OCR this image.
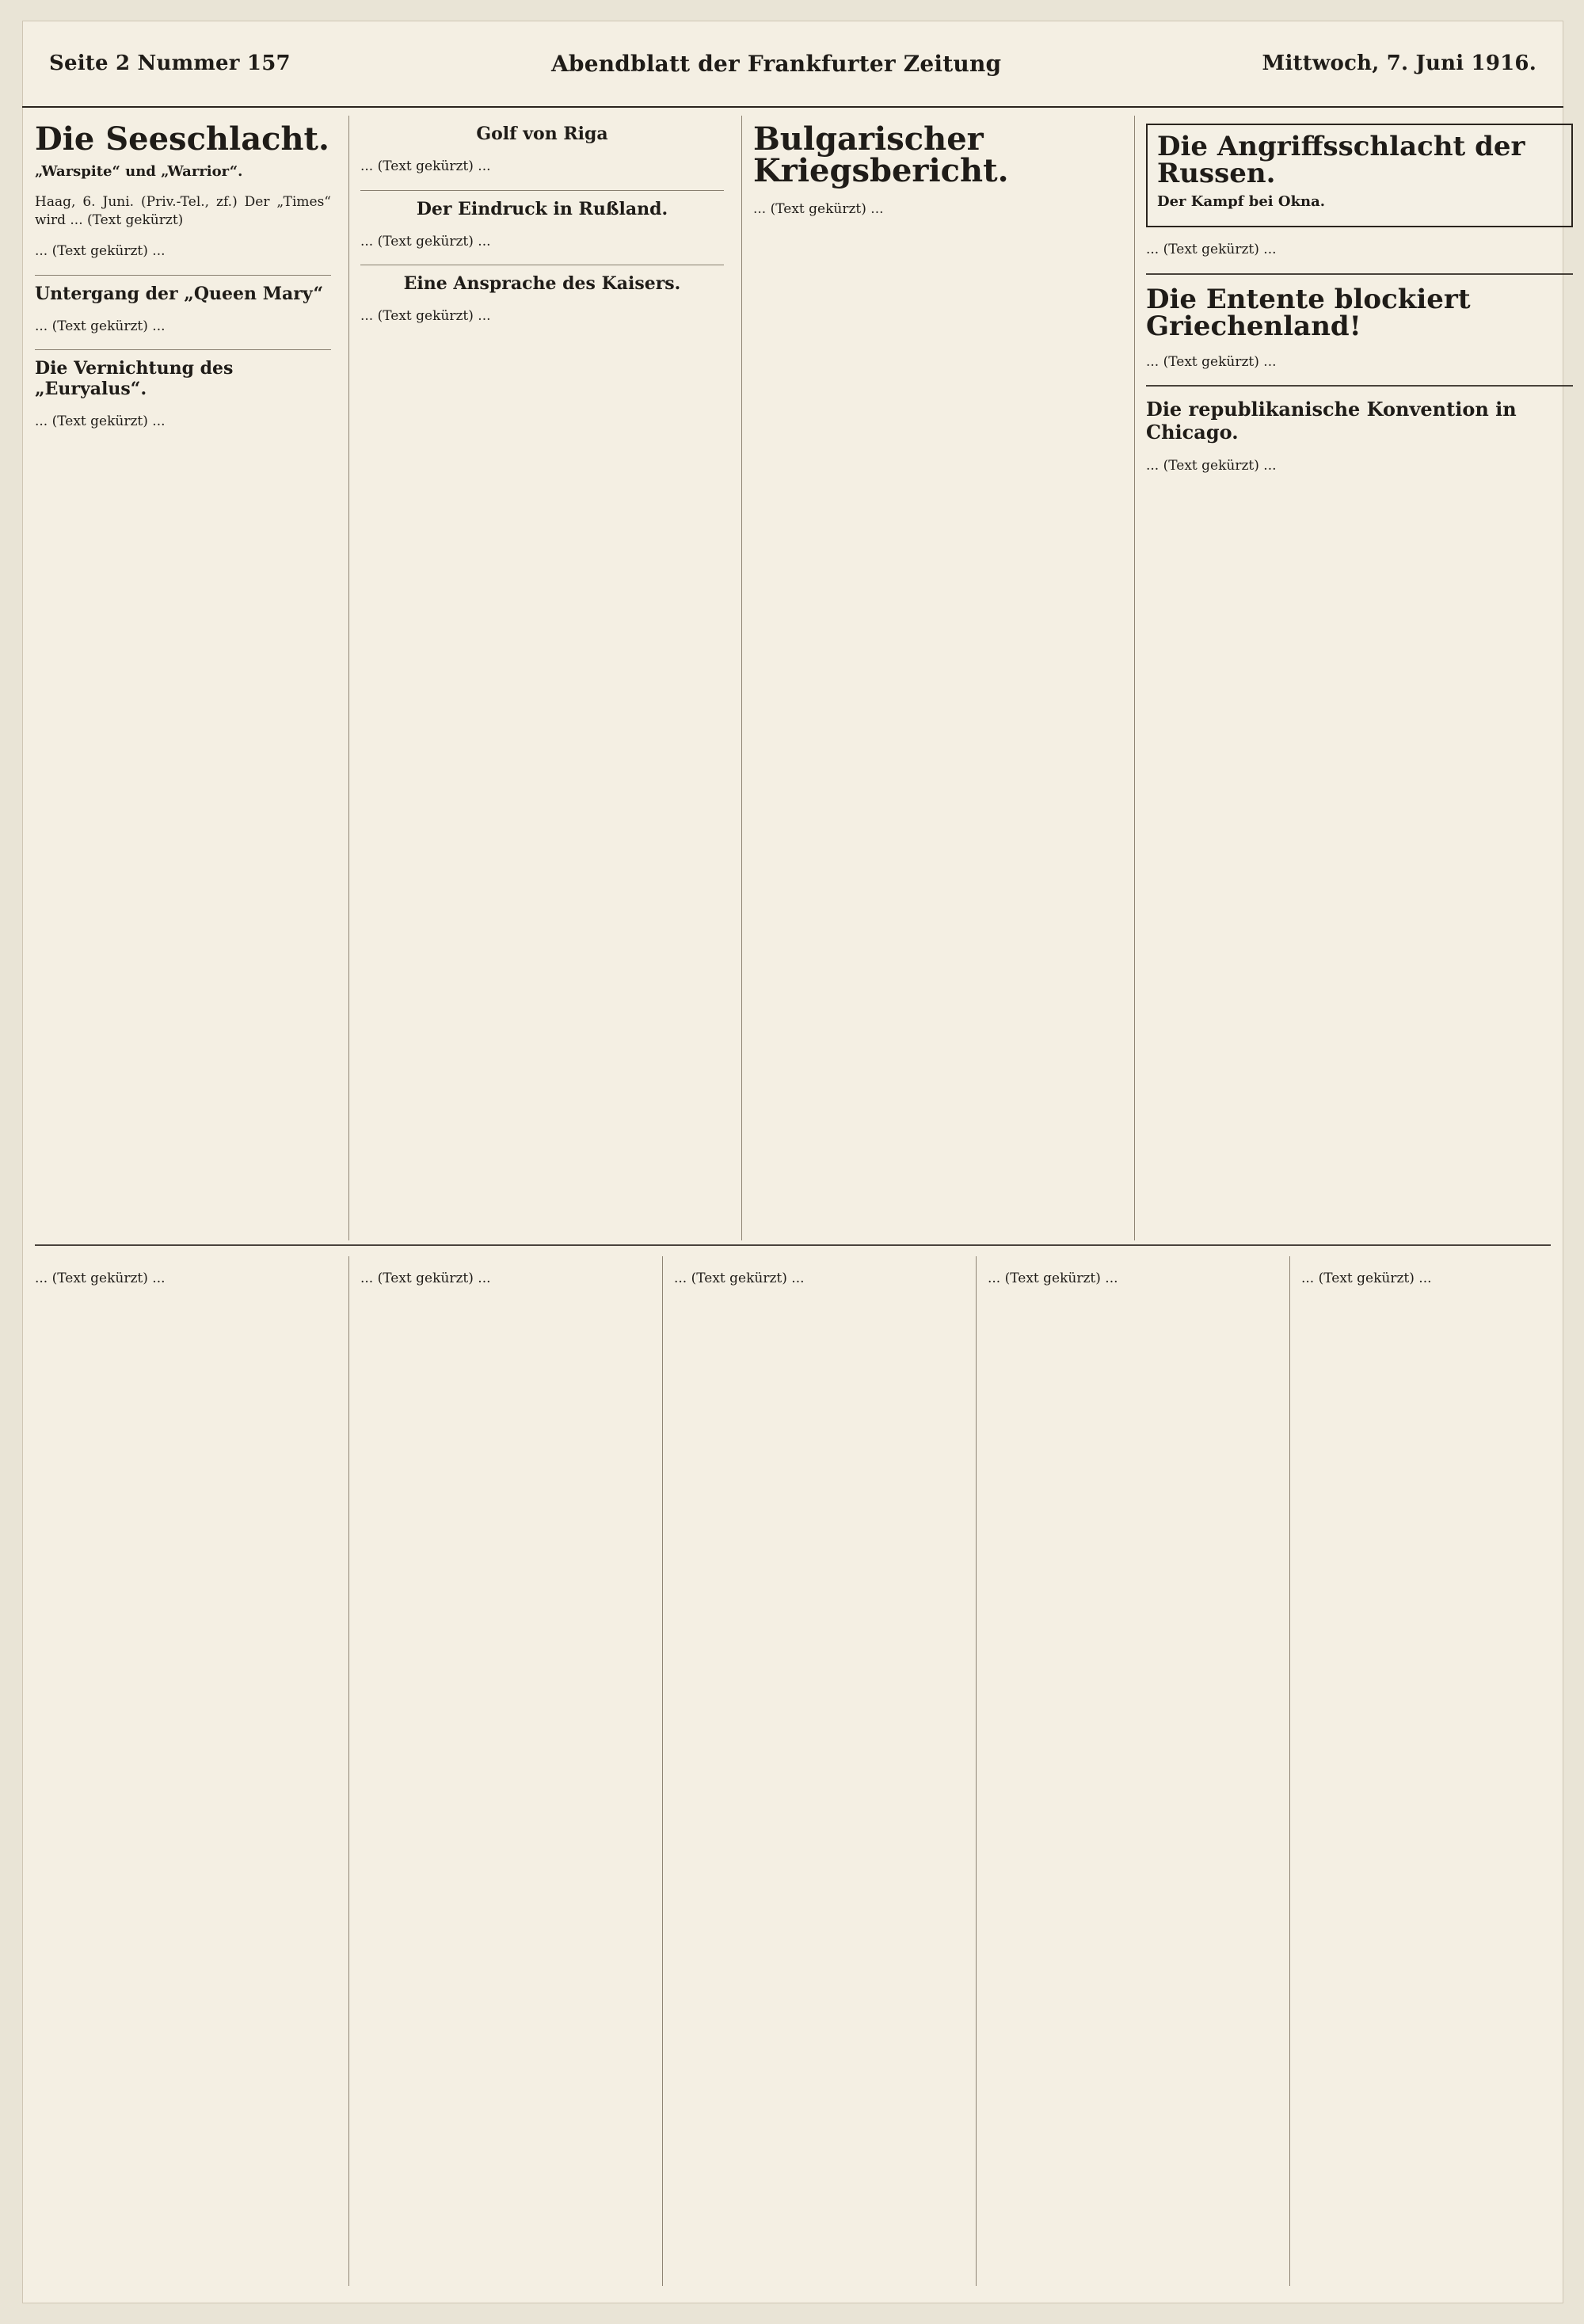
Seite 2 Nummer 157	Abendblatt der Frankfurter Zeitung	Mittwoch, 7. Juni 1916.
Die Seeschlacht.
„Warspite“ und „Warrior“.

Haag, 6. Juni. (Priv.-Tel., zf.) Der „Times“ wird ... (Text gekürzt)

... (Text gekürzt) ...

Untergang der „Queen Mary“

... (Text gekürzt) ...

Die Vernichtung des „Euryalus“.

... (Text gekürzt) ...

Golf von Riga

... (Text gekürzt) ...

Der Eindruck in Rußland.

... (Text gekürzt) ...

Eine Ansprache des Kaisers.

... (Text gekürzt) ...

Bulgarischer Kriegsbericht.

... (Text gekürzt) ...

Die Angriffsschlacht der Russen.
Der Kampf bei Okna.

... (Text gekürzt) ...

Die Entente blockiert Griechenland!

... (Text gekürzt) ...

Die republikanische Konvention in Chicago.

... (Text gekürzt) ...

... (Text gekürzt) ...	... (Text gekürzt) ...	... (Text gekürzt) ...	... (Text gekürzt) ...	... (Text gekürzt) ...
